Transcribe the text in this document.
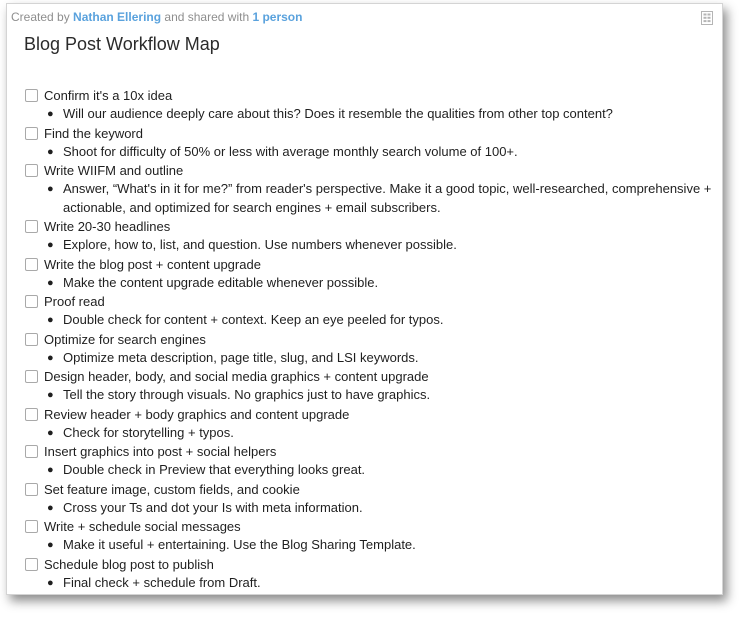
Created by Nathan Ellering and shared with 1 person
Blog Post Workflow Map
Confirm it's a 10x idea
● Will our audience deeply care about this? Does it resemble the qualities from other top content?
Find the keyword
● Shoot for difficulty of 50% or less with average monthly search volume of 100+.
Write WIIFM and outline
● Answer, “What's in it for me?” from reader's perspective. Make it a good topic, well-researched, comprehensive + actionable, and optimized for search engines + email subscribers.
Write 20-30 headlines
● Explore, how to, list, and question. Use numbers whenever possible.
Write the blog post + content upgrade
● Make the content upgrade editable whenever possible.
Proof read
● Double check for content + context. Keep an eye peeled for typos.
Optimize for search engines
● Optimize meta description, page title, slug, and LSI keywords.
Design header, body, and social media graphics + content upgrade
● Tell the story through visuals. No graphics just to have graphics.
Review header + body graphics and content upgrade
● Check for storytelling + typos.
Insert graphics into post + social helpers
● Double check in Preview that everything looks great.
Set feature image, custom fields, and cookie
● Cross your Ts and dot your Is with meta information.
Write + schedule social messages
● Make it useful + entertaining. Use the Blog Sharing Template.
Schedule blog post to publish
● Final check + schedule from Draft.
